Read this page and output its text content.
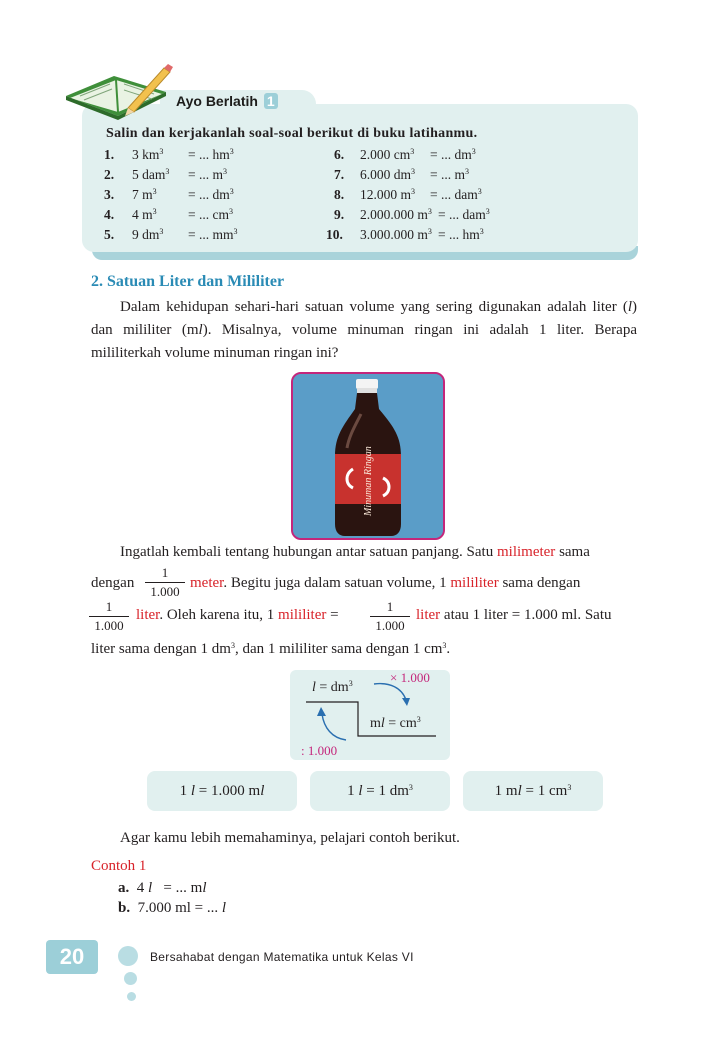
Ayo Berlatih 1
Salin dan kerjakanlah soal-soal berikut di buku latihanmu.
1. 3 $km^3$ = ... $hm^3$
2. 5 dam$^3$ = ... $m^3$
3. 7 $m^3$ = ... $dm^3$
4. 4 $m^3$ = ... $cm^3$
5. 9 $dm^3$ = ... $mm^3$
6. 2.000 $cm^3$ = ... $dm^3$
7. 6.000 $dm^3$ = ... $m^3$
8. 12.000 $m^3$ = ... dam$^3$
9. 2.000.000 $m^3$ = ... dam$^3$
10. 3.000.000 $m^3$ = ... $hm^3$
2. Satuan Liter dan Mililiter
Dalam kehidupan sehari-hari satuan volume yang sering digunakan adalah liter (l) dan mililiter (ml). Misalnya, volume minuman ringan ini adalah 1 liter. Berapa mililiterkah volume minuman ringan ini?
Minuman Ringan
Ingatlah kembali tentang hubungan antar satuan panjang. Satu milimeter sama
dengan
1
1.000
meter. Begitu juga dalam satuan volume, 1 mililiter sama dengan
1
1.000
liter. Oleh karena itu, 1 mililiter =
1
1.000
liter atau 1 liter = 1.000 ml. Satu
liter sama dengan 1 $dm^3$, dan 1 mililiter sama dengan 1 $cm^3$.
× 1.000
$l = dm^3$
ml = $cm^3$
: 1.000
1 l = 1.000 ml	1 l = 1 $dm^3$	1 ml = 1 $cm^3$
Agar kamu lebih memahaminya, pelajari contoh berikut.
Contoh 1
a.  4 l   = ... ml
b.  7.000 ml = ... l
20	Bersahabat dengan Matematika untuk Kelas VI
